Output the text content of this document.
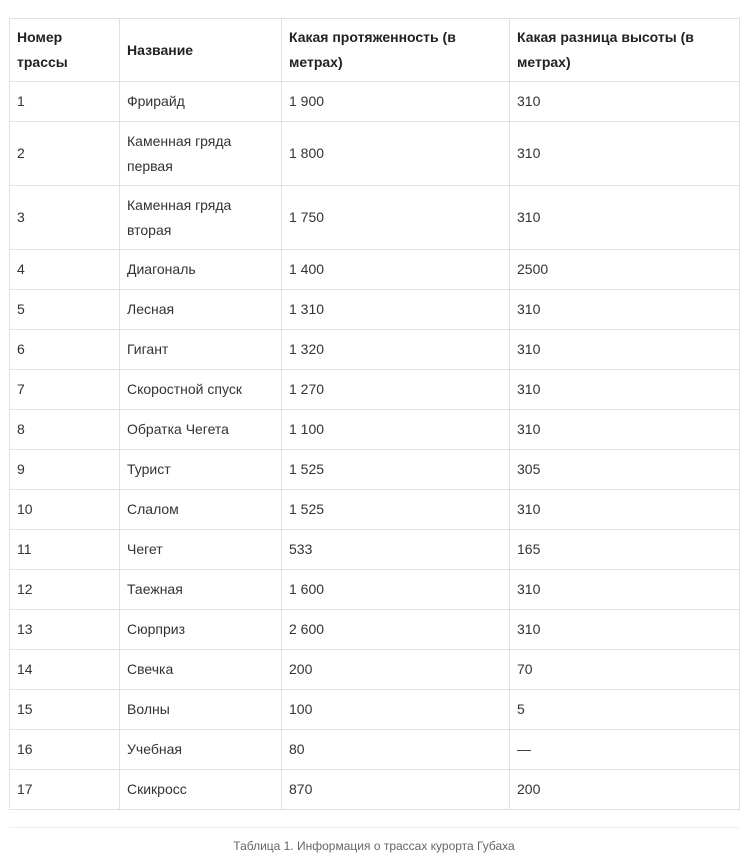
Номер трассы	Название	Какая протяженность (в метрах)	Какая разница высоты (в метрах)
1	Фрирайд	1 900	310
2	Каменная гряда первая	1 800	310
3	Каменная гряда вторая	1 750	310
4	Диагональ	1 400	2500
5	Лесная	1 310	310
6	Гигант	1 320	310
7	Скоростной спуск	1 270	310
8	Обратка Чегета	1 100	310
9	Турист	1 525	305
10	Слалом	1 525	310
11	Чегет	533	165
12	Таежная	1 600	310
13	Сюрприз	2 600	310
14	Свечка	200	70
15	Волны	100	5
16	Учебная	80	—
17	Скикросс	870	200
Таблица 1. Информация о трассах курорта Губаха
